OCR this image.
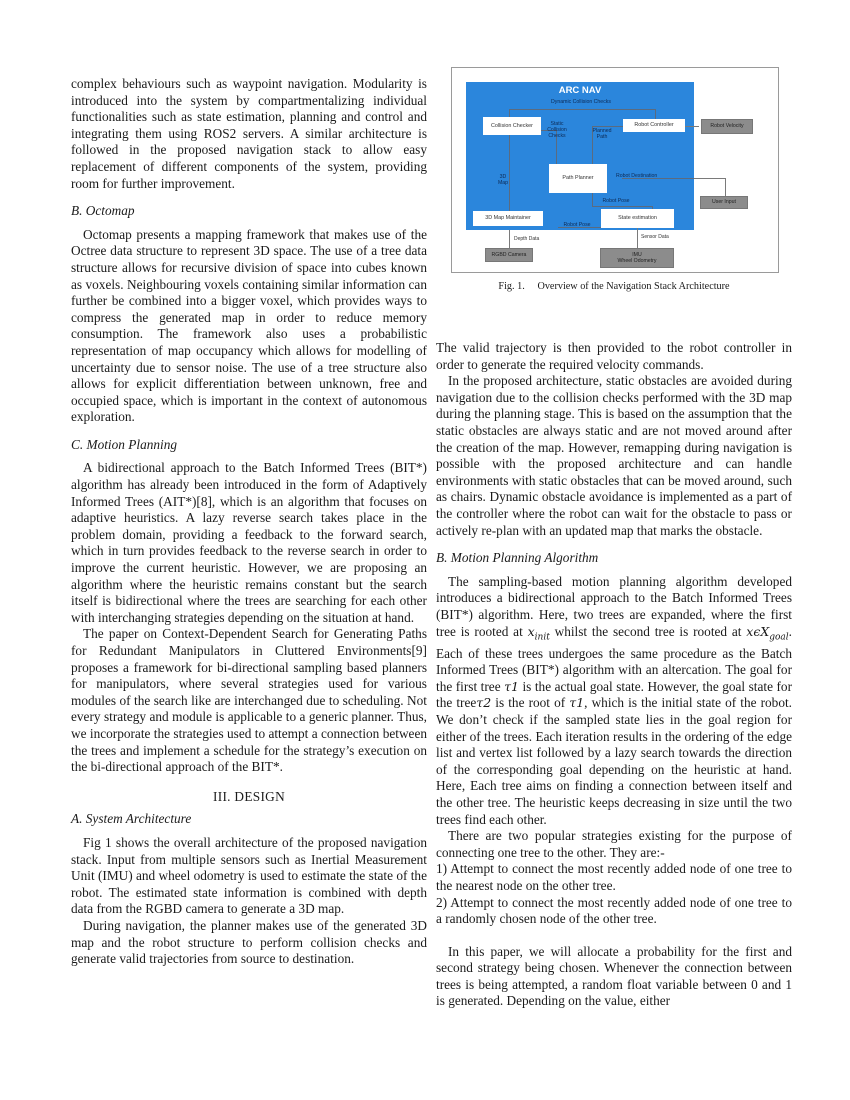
complex behaviours such as waypoint navigation. Modularity is introduced into the system by compartmentalizing individual functionalities such as state estimation, planning and control and integrating them using ROS2 servers. A similar architecture is followed in the proposed navigation stack to allow easy replacement of different components of the system, providing room for further improvement.

B. Octomap

Octomap presents a mapping framework that makes use of the Octree data structure to represent 3D space. The use of a tree data structure allows for recursive division of space into cubes known as voxels. Neighbouring voxels containing similar information can further be combined into a bigger voxel, which provides ways to compress the generated map in order to reduce memory consumption. The framework also uses a probabilistic representation of map occupancy which allows for modelling of uncertainty due to sensor noise. The use of a tree structure also allows for explicit differentiation between unknown, free and occupied space, which is important in the context of autonomous exploration.

C. Motion Planning

A bidirectional approach to the Batch Informed Trees (BIT*) algorithm has already been introduced in the form of Adaptively Informed Trees (AIT*)[8], which is an algorithm that focuses on adaptive heuristics. A lazy reverse search takes place in the problem domain, providing a feedback to the forward search, which in turn provides feedback to the reverse search in order to improve the current heuristic. However, we are proposing an algorithm where the heuristic remains constant but the search itself is bidirectional where the trees are searching for each other with interchanging strategies depending on the situation at hand.

The paper on Context-Dependent Search for Generating Paths for Redundant Manipulators in Cluttered Environments[9] proposes a framework for bi-directional sampling based planners for manipulators, where several strategies used for various modules of the search like are interchanged due to scheduling. Not every strategy and module is applicable to a generic planner. Thus, we incorporate the strategies used to attempt a connection between the trees and implement a schedule for the strategy’s execution on the bi-directional approach of the BIT*.

III. DESIGN
A. System Architecture

Fig 1 shows the overall architecture of the proposed navigation stack. Input from multiple sensors such as Inertial Measurement Unit (IMU) and wheel odometry is used to estimate the state of the robot. The estimated state information is combined with depth data from the RGBD camera to generate a 3D map.

During navigation, the planner makes use of the generated 3D map and the robot structure to perform collision checks and generate valid trajectories from source to destination.

ARC NAV
Dynamic Collision Checks
Collision Checker	Static Collision Checks
Planned Path
Robot Controller
Path Planner	Robot Destination
3D Map
Robot Pose
3D Map Maintainer
Robot Pose
State estimation
Robot Velocity
User Input
Depth Data	Sensor Data
RGBD Camera	IMU
Wheel Odometry
Fig. 1.  Overview of the Navigation Stack Architecture

The valid trajectory is then provided to the robot controller in order to generate the required velocity commands.

In the proposed architecture, static obstacles are avoided during navigation due to the collision checks performed with the 3D map during the planning stage. This is based on the assumption that the static obstacles are always static and are not moved around after the creation of the map. However, remapping during navigation is possible with the proposed architecture and can handle environments with static obstacles that can be moved around, such as chairs. Dynamic obstacle avoidance is implemented as a part of the controller where the robot can wait for the obstacle to pass or actively re-plan with an updated map that marks the obstacle.

B. Motion Planning Algorithm

The sampling-based motion planning algorithm developed introduces a bidirectional approach to the Batch Informed Trees (BIT*) algorithm. Here, two trees are expanded, where the first tree is rooted at $x_{init}$ whilst the second tree is rooted at xϵX$_{goal}$. Each of these trees undergoes the same procedure as the Batch Informed Trees (BIT*) algorithm with an altercation. The goal for the first tree τ1 is the actual goal state. However, the goal state for the treeτ2 is the root of τ1, which is the initial state of the robot. We don’t check if the sampled state lies in the goal region for either of the trees. Each iteration results in the ordering of the edge list and vertex list followed by a lazy search towards the direction of the corresponding goal depending on the heuristic at hand. Here, Each tree aims on finding a connection between itself and the other tree. The heuristic keeps decreasing in size until the two trees find each other.

There are two popular strategies existing for the purpose of connecting one tree to the other. They are:-

1) Attempt to connect the most recently added node of one tree to the nearest node on the other tree.
2) Attempt to connect the most recently added node of one tree to a randomly chosen node of the other tree.

In this paper, we will allocate a probability for the first and second strategy being chosen. Whenever the connection between trees is being attempted, a random float variable between 0 and 1 is generated. Depending on the value, either
